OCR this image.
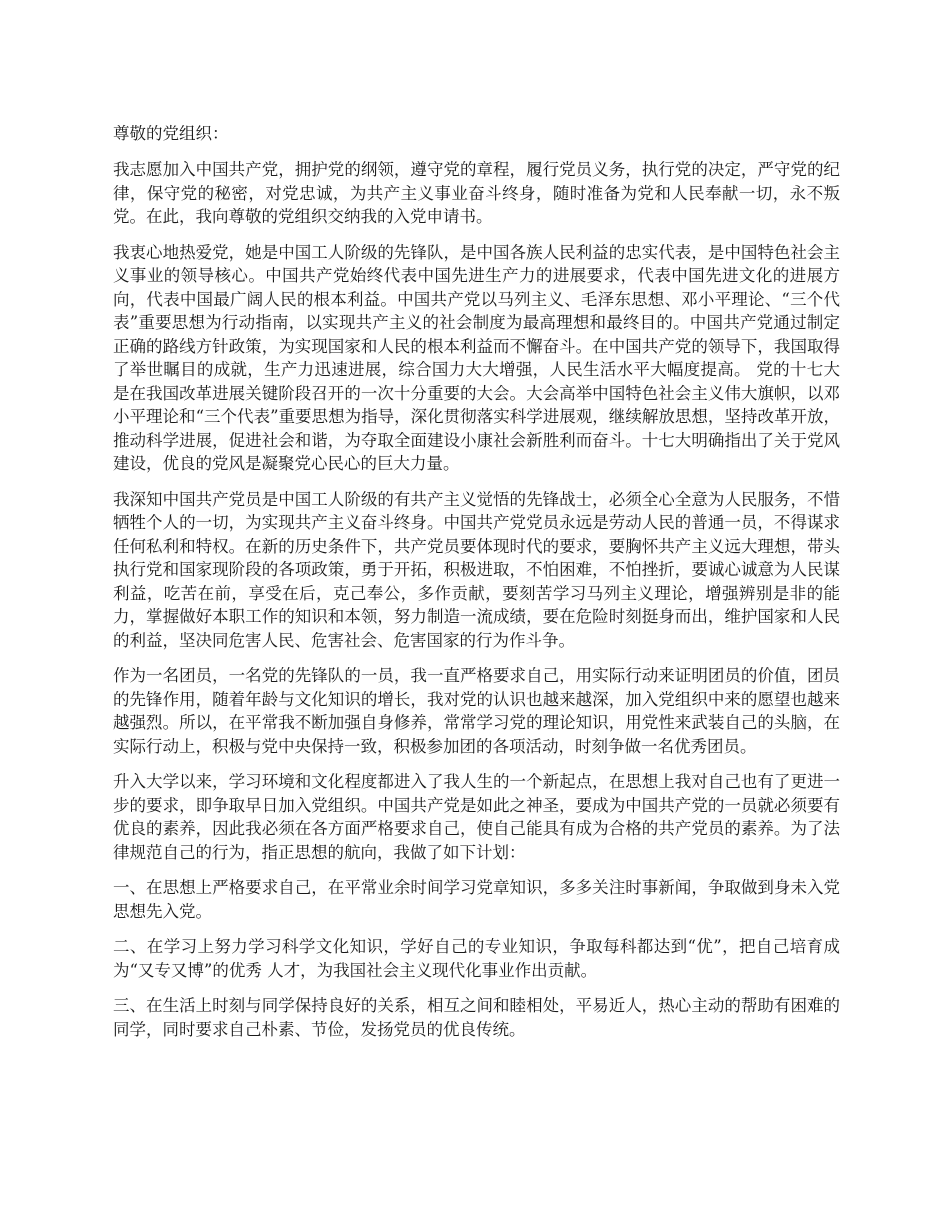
尊敬的党组织：

我志愿加入中国共产党，拥护党的纲领，遵守党的章程，履行党员义务，执行党的决定，严守党的纪律，保守党的秘密，对党忠诚，为共产主义事业奋斗终身，随时准备为党和人民奉献一切，永不叛党。在此，我向尊敬的党组织交纳我的入党申请书。

我衷心地热爱党，她是中国工人阶级的先锋队，是中国各族人民利益的忠实代表，是中国特色社会主义事业的领导核心。中国共产党始终代表中国先进生产力的进展要求，代表中国先进文化的进展方向，代表中国最广阔人民的根本利益。中国共产党以马列主义、毛泽东思想、邓小平理论、“三个代表”重要思想为行动指南，以实现共产主义的社会制度为最高理想和最终目的。中国共产党通过制定正确的路线方针政策，为实现国家和人民的根本利益而不懈奋斗。在中国共产党的领导下，我国取得了举世瞩目的成就，生产力迅速进展，综合国力大大增强，人民生活水平大幅度提高。 党的十七大是在我国改革进展关键阶段召开的一次十分重要的大会。大会高举中国特色社会主义伟大旗帜，以邓小平理论和“三个代表”重要思想为指导，深化贯彻落实科学进展观，继续解放思想，坚持改革开放，推动科学进展，促进社会和谐，为夺取全面建设小康社会新胜利而奋斗。十七大明确指出了关于党风建设，优良的党风是凝聚党心民心的巨大力量。

我深知中国共产党员是中国工人阶级的有共产主义觉悟的先锋战士，必须全心全意为人民服务，不惜牺牲个人的一切，为实现共产主义奋斗终身。中国共产党党员永远是劳动人民的普通一员，不得谋求任何私利和特权。在新的历史条件下，共产党员要体现时代的要求，要胸怀共产主义远大理想，带头执行党和国家现阶段的各项政策，勇于开拓，积极进取，不怕困难，不怕挫折，要诚心诚意为人民谋利益，吃苦在前，享受在后，克己奉公，多作贡献，要刻苦学习马列主义理论，增强辨别是非的能力，掌握做好本职工作的知识和本领，努力制造一流成绩，要在危险时刻挺身而出，维护国家和人民的利益，坚决同危害人民、危害社会、危害国家的行为作斗争。

作为一名团员，一名党的先锋队的一员，我一直严格要求自己，用实际行动来证明团员的价值，团员的先锋作用，随着年龄与文化知识的增长，我对党的认识也越来越深，加入党组织中来的愿望也越来越强烈。所以，在平常我不断加强自身修养，常常学习党的理论知识，用党性来武装自己的头脑，在实际行动上，积极与党中央保持一致，积极参加团的各项活动，时刻争做一名优秀团员。

升入大学以来，学习环境和文化程度都进入了我人生的一个新起点，在思想上我对自己也有了更进一步的要求，即争取早日加入党组织。中国共产党是如此之神圣，要成为中国共产党的一员就必须要有优良的素养，因此我必须在各方面严格要求自己，使自己能具有成为合格的共产党员的素养。为了法律规范自己的行为，指正思想的航向，我做了如下计划：

一、在思想上严格要求自己，在平常业余时间学习党章知识，多多关注时事新闻，争取做到身未入党思想先入党。

二、在学习上努力学习科学文化知识，学好自己的专业知识，争取每科都达到“优”，把自己培育成为“又专又博”的优秀 人才，为我国社会主义现代化事业作出贡献。

三、在生活上时刻与同学保持良好的关系，相互之间和睦相处，平易近人，热心主动的帮助有困难的同学，同时要求自己朴素、节俭，发扬党员的优良传统。
